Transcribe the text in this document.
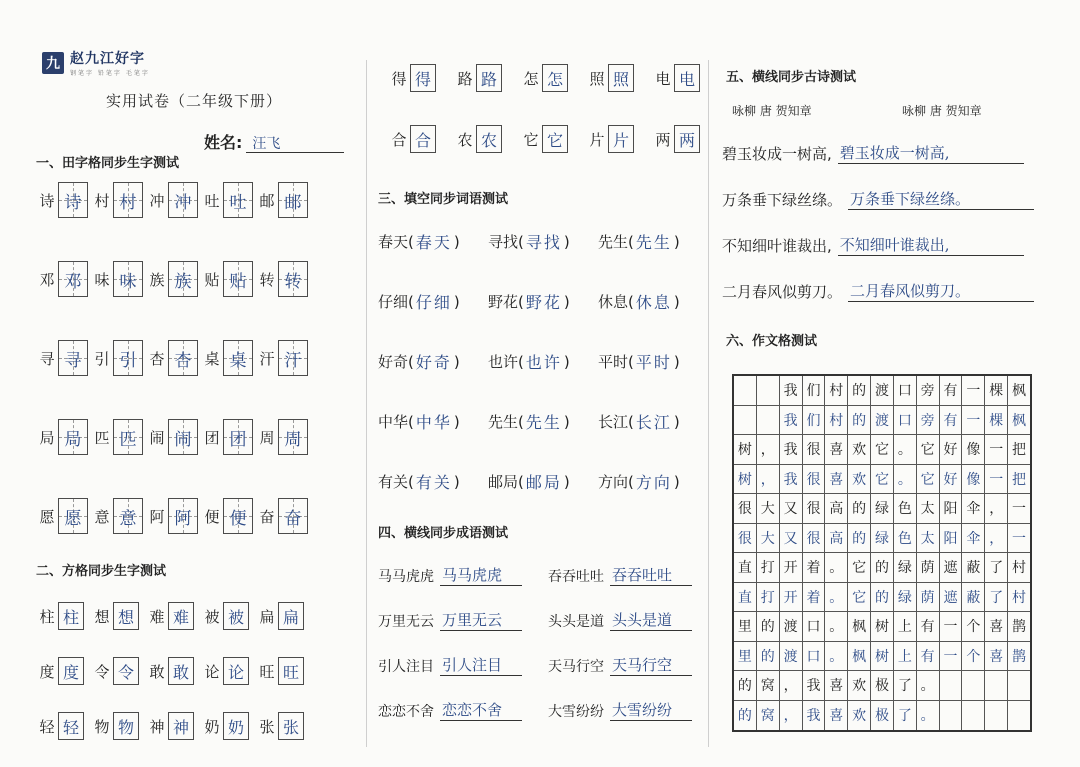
九 赵九江好字
钢笔字 铅笔字 毛笔字
实用试卷（二年级下册）
姓名: 汪飞
一、田字格同步生字测试
诗 诗 村 村 冲 冲 吐 吐 邮 邮
邓 邓 味 味 族 族 贴 贴 转 转
寻 寻 引 引 杏 杏 桌 桌 汗 汗
局 局 匹 匹 闹 闹 团 团 周 周
愿 愿 意 意 阿 阿 便 便 奋 奋
二、方格同步生字测试
柱 柱	想 想	难 难	被 被	扁 扁
度 度	令 令	敢 敢	论 论	旺 旺
轻 轻	物 物	神 神	奶 奶	张 张
得 得	路 路	怎 怎	照 照	电 电
合 合	农 农	它 它	片 片	两 两
三、填空同步词语测试
春天( 春天 ) 寻找( 寻找 ) 先生( 先生 )
仔细( 仔细 ) 野花( 野花 ) 休息( 休息 )
好奇( 好奇 ) 也许( 也许 ) 平时( 平时 )
中华( 中华 ) 先生( 先生 ) 长江( 长江 )
有关( 有关 ) 邮局( 邮局 ) 方向( 方向 )
四、横线同步成语测试
马马虎虎 马马虎虎	吞吞吐吐 吞吞吐吐
万里无云 万里无云	头头是道 头头是道
引人注目 引人注目	天马行空 天马行空
恋恋不舍 恋恋不舍	大雪纷纷 大雪纷纷
五、横线同步古诗测试
咏柳 唐 贺知章	咏柳 唐 贺知章
碧玉妆成一树高, 碧玉妆成一树高,
万条垂下绿丝绦。 万条垂下绿丝绦。
不知细叶谁裁出, 不知细叶谁裁出,
二月春风似剪刀。 二月春风似剪刀。
六、作文格测试
我 们 村 的 渡 口 旁 有 一 棵 枫
我 们 村 的 渡 口 旁 有 一 棵 枫
树 ， 我 很 喜 欢 它 。 它 好 像 一 把
树 ， 我 很 喜 欢 它 。 它 好 像 一 把
很 大 又 很 高 的 绿 色 太 阳 伞 ， 一
很 大 又 很 高 的 绿 色 太 阳 伞 ， 一
直 打 开 着 。 它 的 绿 荫 遮 蔽 了 村
直 打 开 着 。 它 的 绿 荫 遮 蔽 了 村
里 的 渡 口 。 枫 树 上 有 一 个 喜 鹊
里 的 渡 口 。 枫 树 上 有 一 个 喜 鹊
的 窝 ， 我 喜 欢 极 了 。
的 窝 ， 我 喜 欢 极 了 。
